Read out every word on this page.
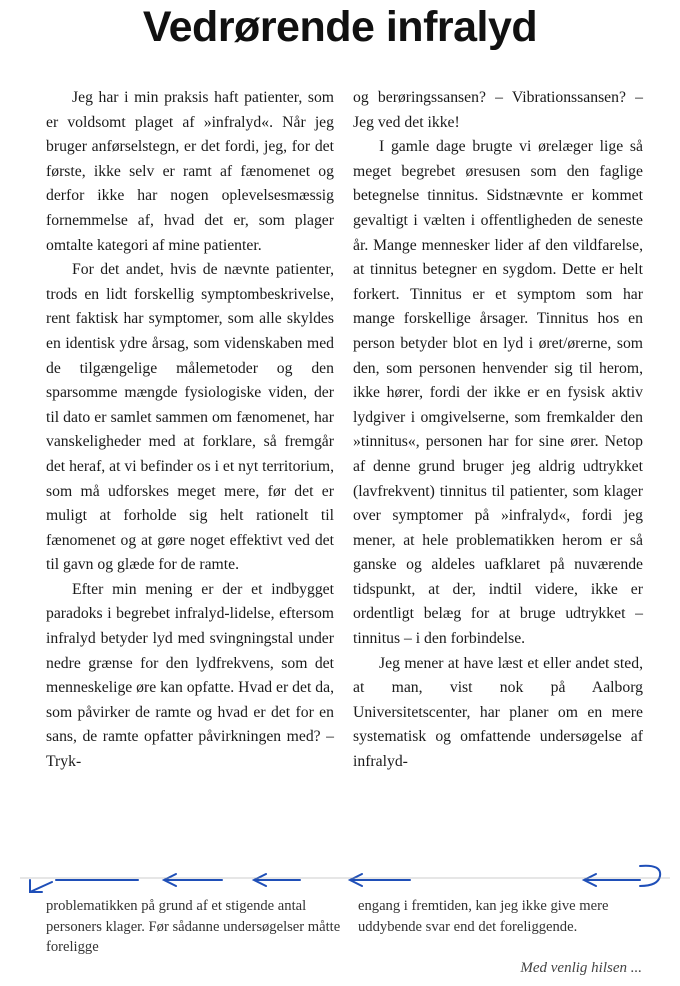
Vedrørende infralyd

Jeg har i min praksis haft patienter, som er voldsomt plaget af »infralyd«. Når jeg bruger anførselstegn, er det fordi, jeg, for det første, ikke selv er ramt af fænomenet og derfor ikke har nogen oplevelsesmæssig fornemmelse af, hvad det er, som plager omtalte kategori af mine patienter.

For det andet, hvis de nævnte patienter, trods en lidt forskellig symptombeskrivelse, rent faktisk har symptomer, som alle skyldes en identisk ydre årsag, som videnskaben med de tilgængelige målemetoder og den sparsomme mængde fysiologiske viden, der til dato er samlet sammen om fænomenet, har vanskeligheder med at forklare, så fremgår det heraf, at vi befinder os i et nyt territorium, som må udforskes meget mere, før det er muligt at forholde sig helt rationelt til fænomenet og at gøre noget effektivt ved det til gavn og glæde for de ramte.

Efter min mening er der et indbygget paradoks i begrebet infralyd-lidelse, eftersom infralyd betyder lyd med svingningstal under nedre grænse for den lydfrekvens, som det menneskelige øre kan opfatte. Hvad er det da, som påvirker de ramte og hvad er det for en sans, de ramte opfatter påvirkningen med? – Tryk-

og berøringssansen? – Vibrationssansen? – Jeg ved det ikke!

I gamle dage brugte vi ørelæger lige så meget begrebet øresusen som den faglige betegnelse tinnitus. Sidstnævnte er kommet gevaltigt i vælten i offentligheden de seneste år. Mange mennesker lider af den vildfarelse, at tinnitus betegner en sygdom. Dette er helt forkert. Tinnitus er et symptom som har mange forskellige årsager. Tinnitus hos en person betyder blot en lyd i øret/ørerne, som den, som personen henvender sig til herom, ikke hører, fordi der ikke er en fysisk aktiv lydgiver i omgivelserne, som fremkalder den »tinnitus«, personen har for sine ører. Netop af denne grund bruger jeg aldrig udtrykket (lavfrekvent) tinnitus til patienter, som klager over symptomer på »infralyd«, fordi jeg mener, at hele problematikken herom er så ganske og aldeles uafklaret på nuværende tidspunkt, at der, indtil videre, ikke er ordentligt belæg for at bruge udtrykket – tinnitus – i den forbindelse.

Jeg mener at have læst et eller andet sted, at man, vist nok på Aalborg Universitetscenter, har planer om en mere systematisk og omfattende undersøgelse af infralyd-

problematikken på grund af et stigende antal personers klager. Før sådanne undersøgelser måtte foreligge
engang i fremtiden, kan jeg ikke give mere uddybende svar end det foreliggende.
Med venlig hilsen ...
